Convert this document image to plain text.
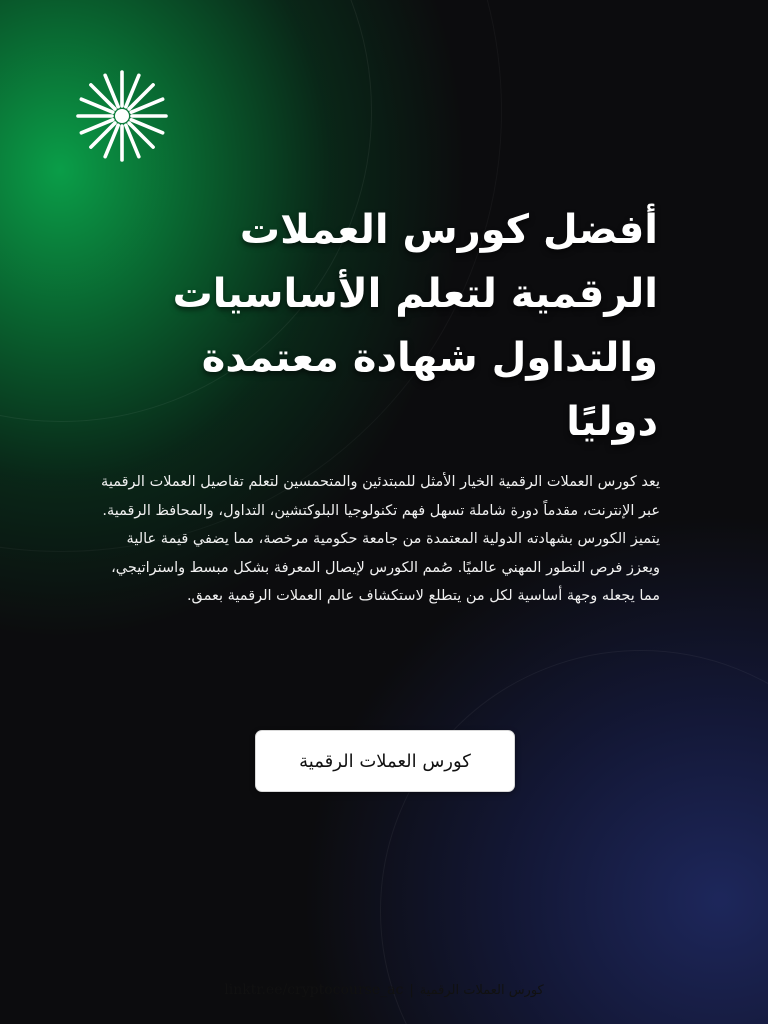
أفضل كورس العملات الرقمية لتعلم الأساسيات والتداول شهادة معتمدة دوليًا

يعد كورس العملات الرقمية الخيار الأمثل للمبتدئين والمتحمسين لتعلم تفاصيل العملات الرقمية عبر الإنترنت، مقدماً دورة شاملة تسهل فهم تكنولوجيا البلوكتشين، التداول، والمحافظ الرقمية. يتميز الكورس بشهادته الدولية المعتمدة من جامعة حكومية مرخصة، مما يضفي قيمة عالية ويعزز فرص التطور المهني عالميًا. صُمم الكورس لإيصال المعرفة بشكل مبسط واستراتيجي، مما يجعله وجهة أساسية لكل من يتطلع لاستكشاف عالم العملات الرقمية بعمق.

كورس العملات الرقمية
كورس العملات الرقمية|linktr.ee/cryptocourse_ac
